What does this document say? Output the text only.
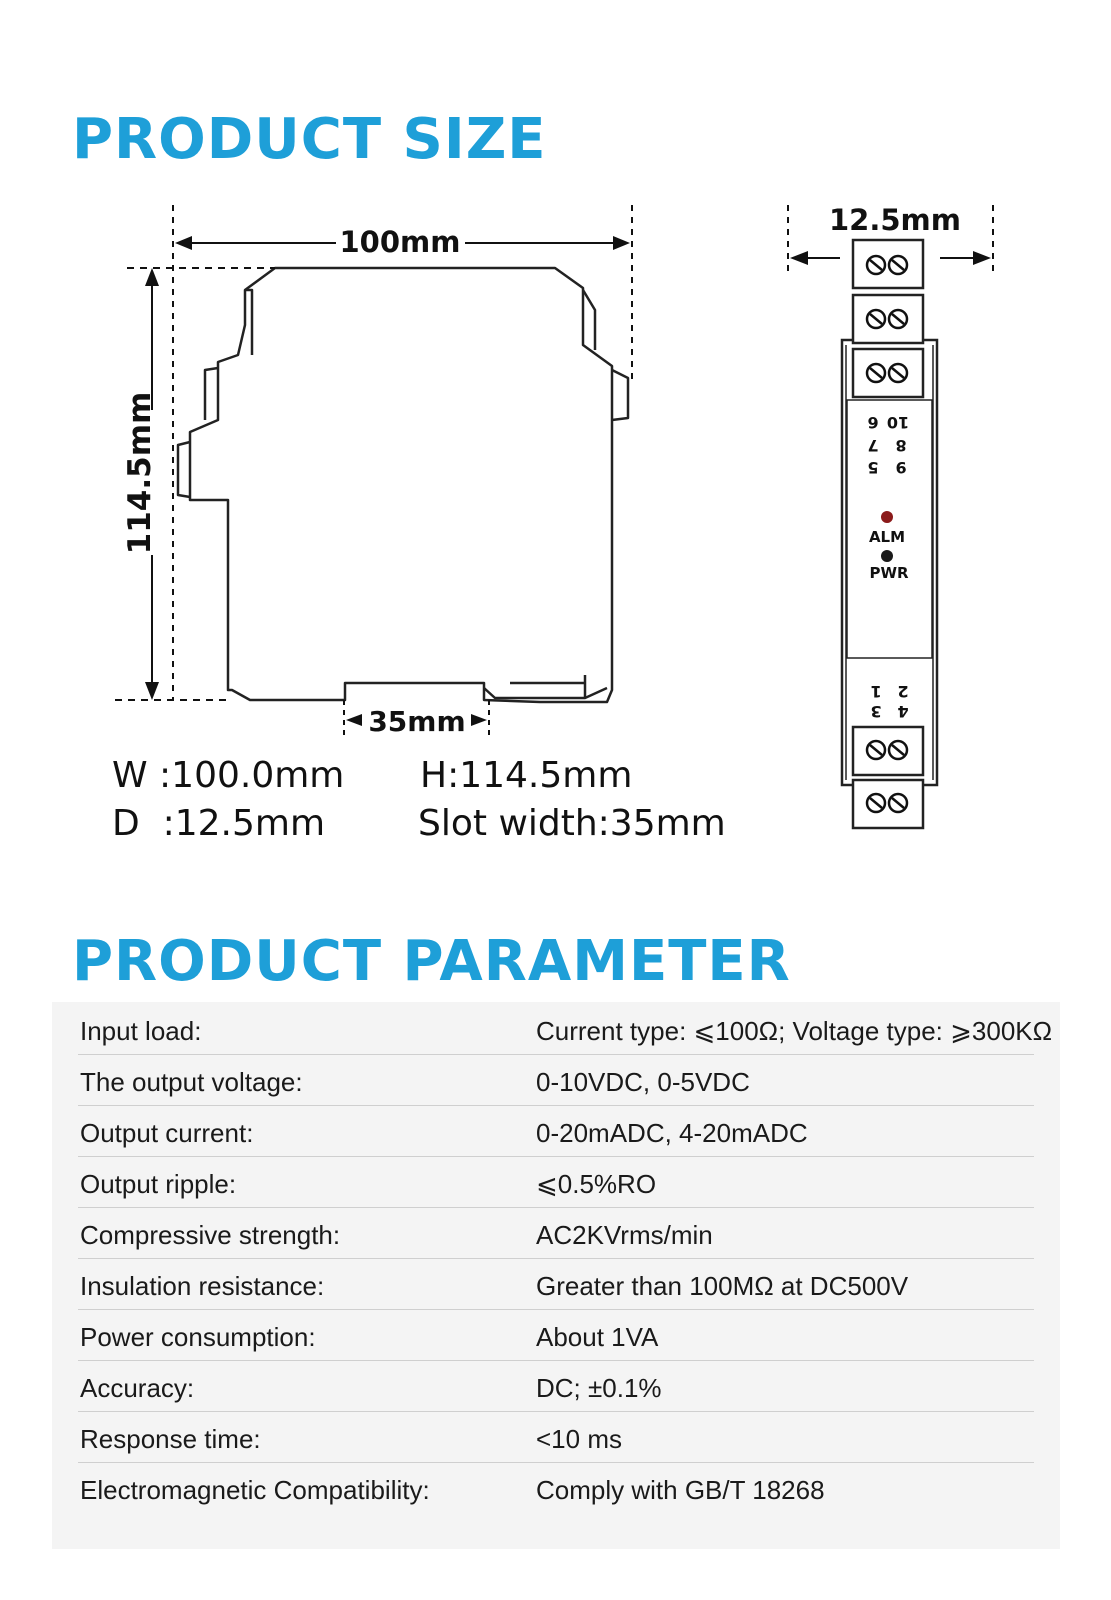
PRODUCT SIZE
100mm
114.5mm
35mm
12.5mm
6 10
7 8
5 9
1 2
3 4
ALM
PWR
W :100.0mm H:114.5mm
D  :12.5mm	Slot width:35mm
PRODUCT PARAMETER
Input load:	Current type: ⩽100Ω; Voltage type: ⩾300KΩ
The output voltage:	0-10VDC, 0-5VDC
Output current:	0-20mADC, 4-20mADC
Output ripple:	⩽0.5%RO
Compressive strength:	AC2KVrms/min
Insulation resistance:	Greater than 100MΩ at DC500V
Power consumption:	About 1VA
Accuracy:	DC; ±0.1%
Response time:	<10 ms
Electromagnetic Compatibility:	Comply with GB/T 18268
